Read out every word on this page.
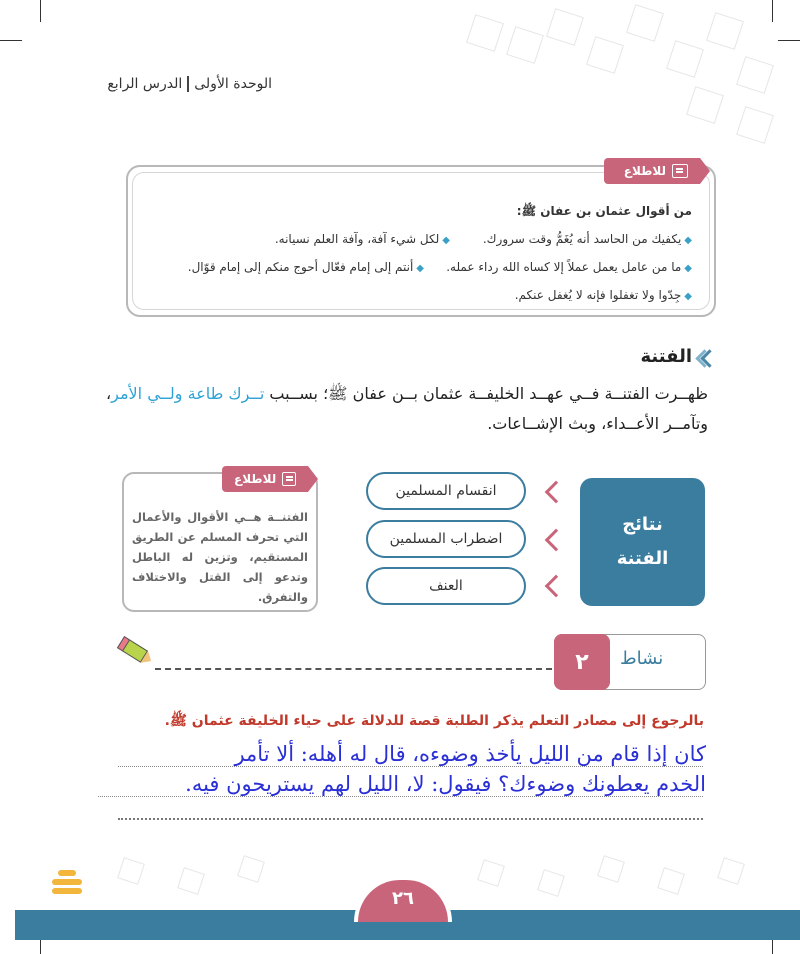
الوحدة الأولىالدرس الرابع
للاطلاع
من أقوال عثمان بن عفان ﷺ:
◆يكفيك من الحاسد أنه يُغَمُّ وقت سرورك.
◆لكل شيء آفة، وآفة العلم نسيانه.
◆ما من عامل يعمل عملاً إلا كساه الله رداء عمله.
◆أنتم إلى إمام فعّال أحوج منكم إلى إمام قوّال.
◆جِدّوا ولا تغفلوا فإنه لا يُغفل عنكم.
الفتنة
ظهــرت الفتنــة فــي عهــد الخليفــة عثمان بــن عفان ﷺ؛ بســبب تــرك طاعة ولــي الأمر،
وتآمــر الأعــداء، وبث الإشــاعات.
نتائج
الفتنة
انقسام المسلمين
اضطراب المسلمين
العنف
للاطلاع
الفتنــة هــي الأقوال والأعمال التي تحرف المسلم عن الطريق المستقيم، وتزين له الباطل وتدعو إلى القتل والاختلاف والتفرق.
٢	نشاط
بالرجوع إلى مصادر التعلم يذكر الطلبة قصة للدلالة على حياء الخليفة عثمان ﷺ.
كان إذا قام من الليل يأخذ وضوءه، قال له أهله: ألا تأمر
الخدم يعطونك وضوءك؟ فيقول: لا، الليل لهم يستريحون فيه.
٢٦
